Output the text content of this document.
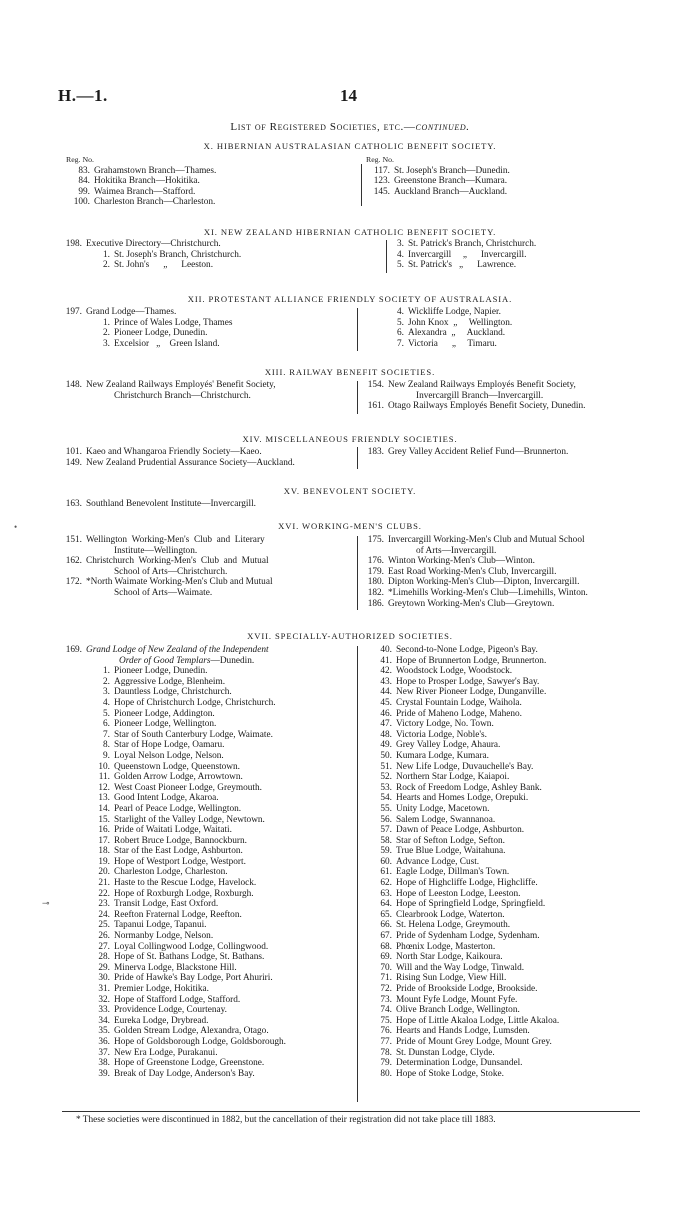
H.—1.	14
List of Registered Societies, etc.—continued.
X. HIBERNIAN AUSTRALASIAN CATHOLIC BENEFIT SOCIETY.
Reg. No.
83. Grahamstown Branch—Thames.
84. Hokitika Branch—Hokitika.
99. Waimea Branch—Stafford.
100. Charleston Branch—Charleston.
Reg. No.
117. St. Joseph's Branch—Dunedin.
123. Greenstone Branch—Kumara.
145. Auckland Branch—Auckland.
XI. NEW ZEALAND HIBERNIAN CATHOLIC BENEFIT SOCIETY.
198. Executive Directory—Christchurch.
1. St. Joseph's Branch, Christchurch.
2. St. John's      „      Leeston.
3. St. Patrick's Branch, Christchurch.
4. Invercargill     „      Invercargill.
5. St. Patrick's   „      Lawrence.
XII. PROTESTANT ALLIANCE FRIENDLY SOCIETY OF AUSTRALASIA.
197. Grand Lodge—Thames.
1. Prince of Wales Lodge, Thames
2. Pioneer Lodge, Dunedin.
3. Excelsior   „    Green Island.
4. Wickliffe Lodge, Napier.
5. John Knox  „     Wellington.
6. Alexandra  „     Auckland.
7. Victoria      „     Timaru.
XIII. RAILWAY BENEFIT SOCIETIES.
148. New Zealand Railways Employés' Benefit Society,
Christchurch Branch—Christchurch.
154. New Zealand Railways Employés Benefit Society,
Invercargill Branch—Invercargill.
161. Otago Railways Employés Benefit Society, Dunedin.
XIV. MISCELLANEOUS FRIENDLY SOCIETIES.
101. Kaeo and Whangaroa Friendly Society—Kaeo.
149. New Zealand Prudential Assurance Society—Auckland.
183. Grey Valley Accident Relief Fund—Brunnerton.
XV. BENEVOLENT SOCIETY.
163. Southland Benevolent Institute—Invercargill.
XVI. WORKING-MEN'S CLUBS.
151. Wellington  Working-Men's  Club  and  Literary
Institute—Wellington.
162. Christchurch  Working-Men's  Club  and  Mutual
School of Arts—Christchurch.
172. *North Waimate Working-Men's Club and Mutual
School of Arts—Waimate.
175. Invercargill Working-Men's Club and Mutual School
of Arts—Invercargill.
176. Winton Working-Men's Club—Winton.
179. East Road Working-Men's Club, Invercargill.
180. Dipton Working-Men's Club—Dipton, Invercargill.
182. *Limehills Working-Men's Club—Limehills, Winton.
186. Greytown Working-Men's Club—Greytown.
XVII. SPECIALLY-AUTHORIZED SOCIETIES.
169. Grand Lodge of New Zealand of the Independent
Order of Good Templars—Dunedin.
1. Pioneer Lodge, Dunedin.
2. Aggressive Lodge, Blenheim.
3. Dauntless Lodge, Christchurch.
4. Hope of Christchurch Lodge, Christchurch.
5. Pioneer Lodge, Addington.
6. Pioneer Lodge, Wellington.
7. Star of South Canterbury Lodge, Waimate.
8. Star of Hope Lodge, Oamaru.
9. Loyal Nelson Lodge, Nelson.
10. Queenstown Lodge, Queenstown.
11. Golden Arrow Lodge, Arrowtown.
12. West Coast Pioneer Lodge, Greymouth.
13. Good Intent Lodge, Akaroa.
14. Pearl of Peace Lodge, Wellington.
15. Starlight of the Valley Lodge, Newtown.
16. Pride of Waitati Lodge, Waitati.
17. Robert Bruce Lodge, Bannockburn.
18. Star of the East Lodge, Ashburton.
19. Hope of Westport Lodge, Westport.
20. Charleston Lodge, Charleston.
21. Haste to the Rescue Lodge, Havelock.
22. Hope of Roxburgh Lodge, Roxburgh.
23. Transit Lodge, East Oxford.
24. Reefton Fraternal Lodge, Reefton.
25. Tapanui Lodge, Tapanui.
26. Normanby Lodge, Nelson.
27. Loyal Collingwood Lodge, Collingwood.
28. Hope of St. Bathans Lodge, St. Bathans.
29. Minerva Lodge, Blackstone Hill.
30. Pride of Hawke's Bay Lodge, Port Ahuriri.
31. Premier Lodge, Hokitika.
32. Hope of Stafford Lodge, Stafford.
33. Providence Lodge, Courtenay.
34. Eureka Lodge, Drybread.
35. Golden Stream Lodge, Alexandra, Otago.
36. Hope of Goldsborough Lodge, Goldsborough.
37. New Era Lodge, Purakanui.
38. Hope of Greenstone Lodge, Greenstone.
39. Break of Day Lodge, Anderson's Bay.
40. Second-to-None Lodge, Pigeon's Bay.
41. Hope of Brunnerton Lodge, Brunnerton.
42. Woodstock Lodge, Woodstock.
43. Hope to Prosper Lodge, Sawyer's Bay.
44. New River Pioneer Lodge, Dunganville.
45. Crystal Fountain Lodge, Waihola.
46. Pride of Maheno Lodge, Maheno.
47. Victory Lodge, No. Town.
48. Victoria Lodge, Noble's.
49. Grey Valley Lodge, Ahaura.
50. Kumara Lodge, Kumara.
51. New Life Lodge, Duvauchelle's Bay.
52. Northern Star Lodge, Kaiapoi.
53. Rock of Freedom Lodge, Ashley Bank.
54. Hearts and Homes Lodge, Orepuki.
55. Unity Lodge, Macetown.
56. Salem Lodge, Swannanoa.
57. Dawn of Peace Lodge, Ashburton.
58. Star of Sefton Lodge, Sefton.
59. True Blue Lodge, Waitahuna.
60. Advance Lodge, Cust.
61. Eagle Lodge, Dillman's Town.
62. Hope of Highcliffe Lodge, Highcliffe.
63. Hope of Leeston Lodge, Leeston.
64. Hope of Springfield Lodge, Springfield.
65. Clearbrook Lodge, Waterton.
66. St. Helena Lodge, Greymouth.
67. Pride of Sydenham Lodge, Sydenham.
68. Phœnix Lodge, Masterton.
69. North Star Lodge, Kaikoura.
70. Will and the Way Lodge, Tinwald.
71. Rising Sun Lodge, View Hill.
72. Pride of Brookside Lodge, Brookside.
73. Mount Fyfe Lodge, Mount Fyfe.
74. Olive Branch Lodge, Wellington.
75. Hope of Little Akaloa Lodge, Little Akaloa.
76. Hearts and Hands Lodge, Lumsden.
77. Pride of Mount Grey Lodge, Mount Grey.
78. St. Dunstan Lodge, Clyde.
79. Determination Lodge, Dunsandel.
80. Hope of Stoke Lodge, Stoke.
* These societies were discontinued in 1882, but the cancellation of their registration did not take place till 1883.
•
⊸
